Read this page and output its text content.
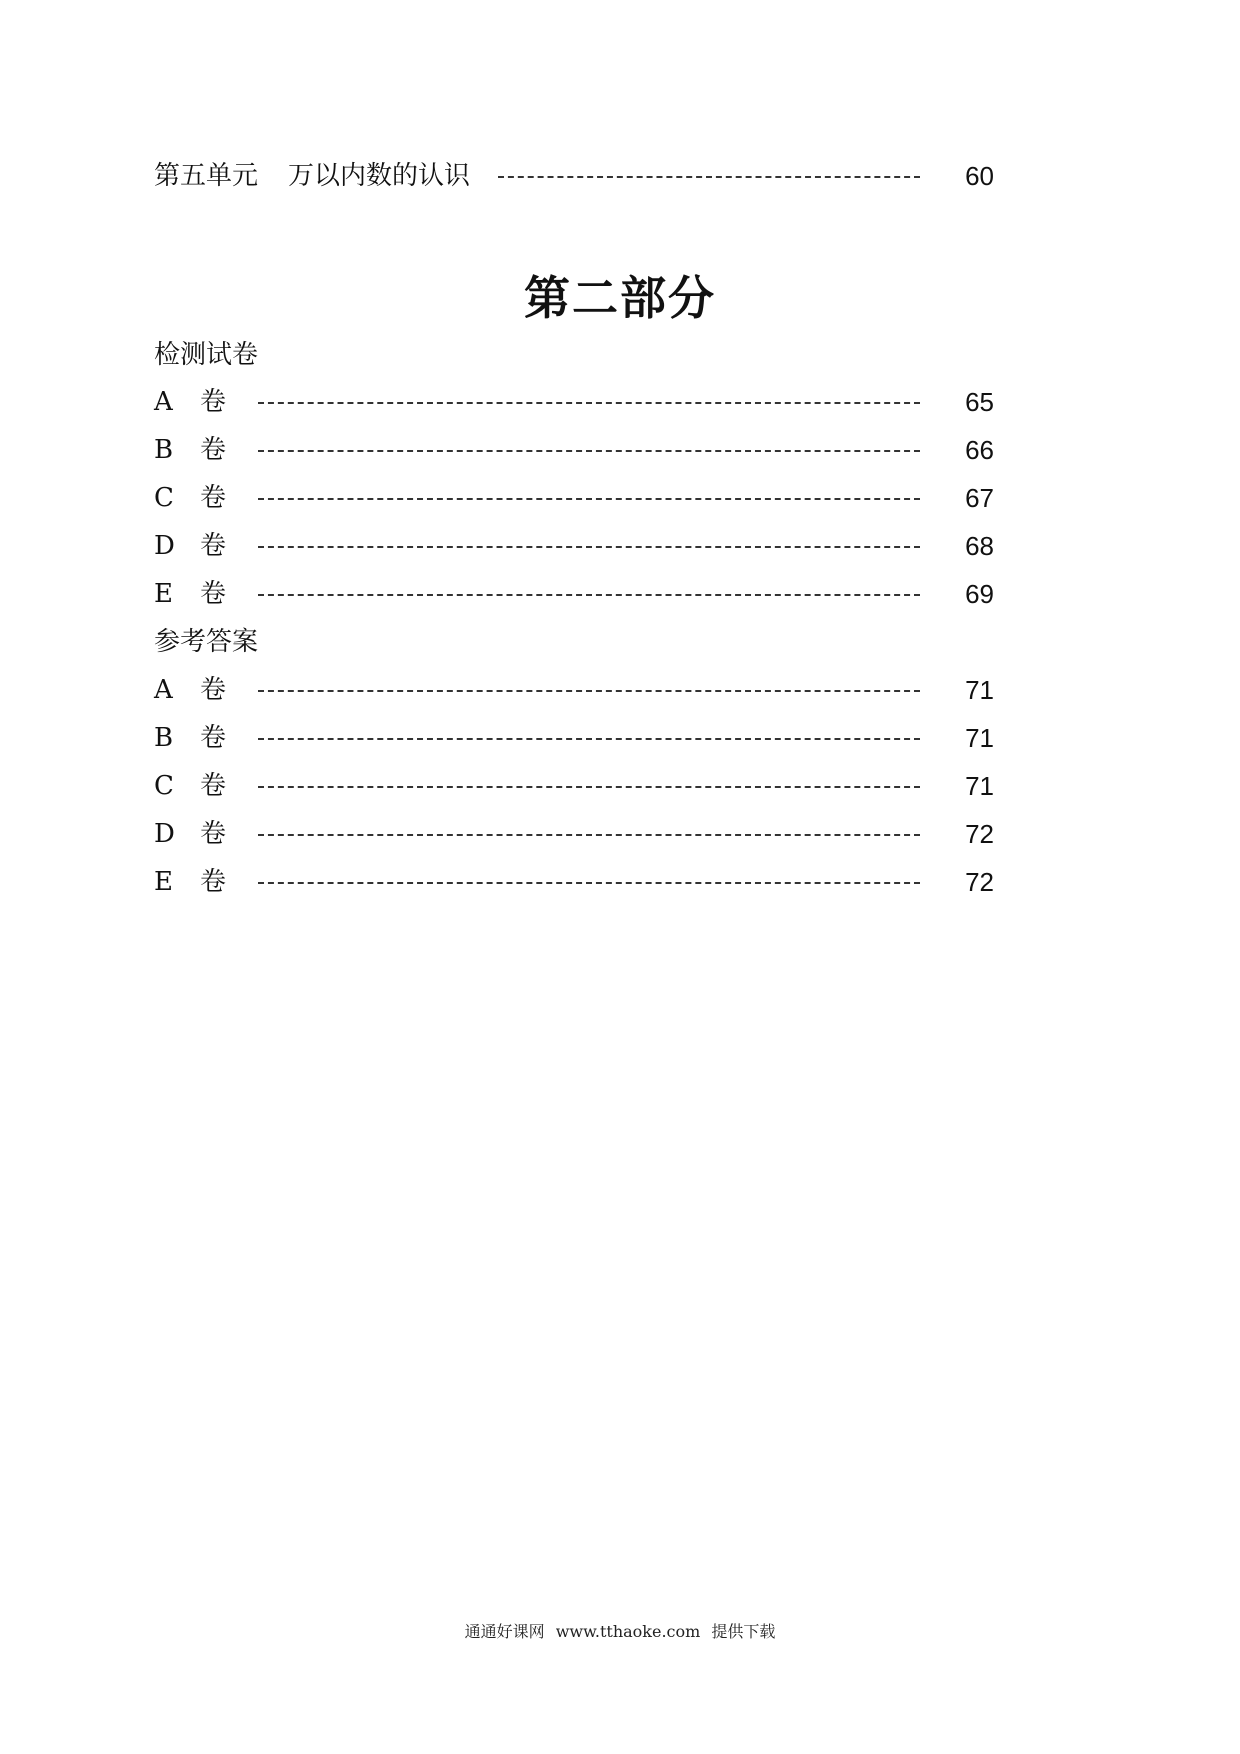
第五单元 万以内数的认识	60
第二部分
检测试卷
A 卷	65
B 卷	66
C 卷	67
D 卷	68
E 卷	69
参考答案
A 卷	71
B 卷	71
C 卷	71
D 卷	72
E 卷	72
通通好课网 www.tthaoke.com 提供下载
